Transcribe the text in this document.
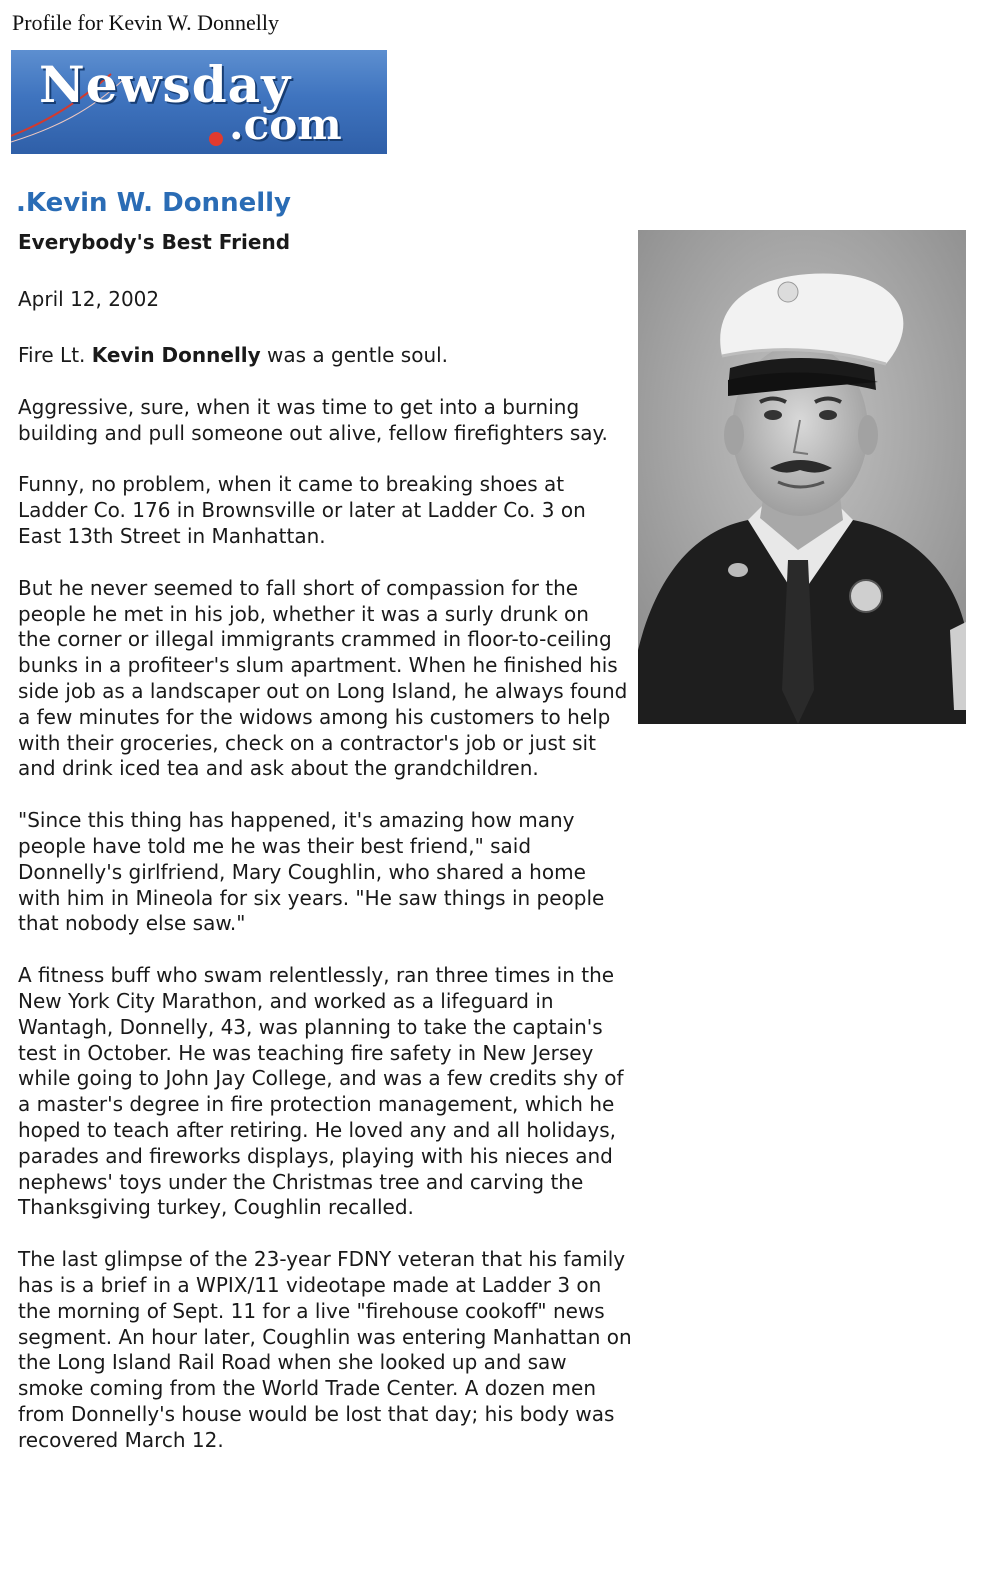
Profile for Kevin W. Donnelly
Newsday
.com
.Kevin W. Donnelly
Everybody's Best Friend
April 12, 2002

Fire Lt. Kevin Donnelly was a gentle soul.

Aggressive, sure, when it was time to get into a burning building and pull someone out alive, fellow firefighters say.

Funny, no problem, when it came to breaking shoes at Ladder Co. 176 in Brownsville or later at Ladder Co. 3 on East 13th Street in Manhattan.

But he never seemed to fall short of compassion for the people he met in his job, whether it was a surly drunk on the corner or illegal immigrants crammed in floor-to-ceiling bunks in a profiteer's slum apartment. When he finished his side job as a landscaper out on Long Island, he always found a few minutes for the widows among his customers to help with their groceries, check on a contractor's job or just sit and drink iced tea and ask about the grandchildren.

"Since this thing has happened, it's amazing how many people have told me he was their best friend," said Donnelly's girlfriend, Mary Coughlin, who shared a home with him in Mineola for six years. "He saw things in people that nobody else saw."

A fitness buff who swam relentlessly, ran three times in the New York City Marathon, and worked as a lifeguard in Wantagh, Donnelly, 43, was planning to take the captain's test in October. He was teaching fire safety in New Jersey while going to John Jay College, and was a few credits shy of a master's degree in fire protection management, which he hoped to teach after retiring. He loved any and all holidays, parades and fireworks displays, playing with his nieces and nephews' toys under the Christmas tree and carving the Thanksgiving turkey, Coughlin recalled.

The last glimpse of the 23-year FDNY veteran that his family has is a brief in a WPIX/11 videotape made at Ladder 3 on the morning of Sept. 11 for a live "firehouse cookoff" news segment. An hour later, Coughlin was entering Manhattan on the Long Island Rail Road when she looked up and saw smoke coming from the World Trade Center. A dozen men from Donnelly's house would be lost that day; his body was recovered March 12.
